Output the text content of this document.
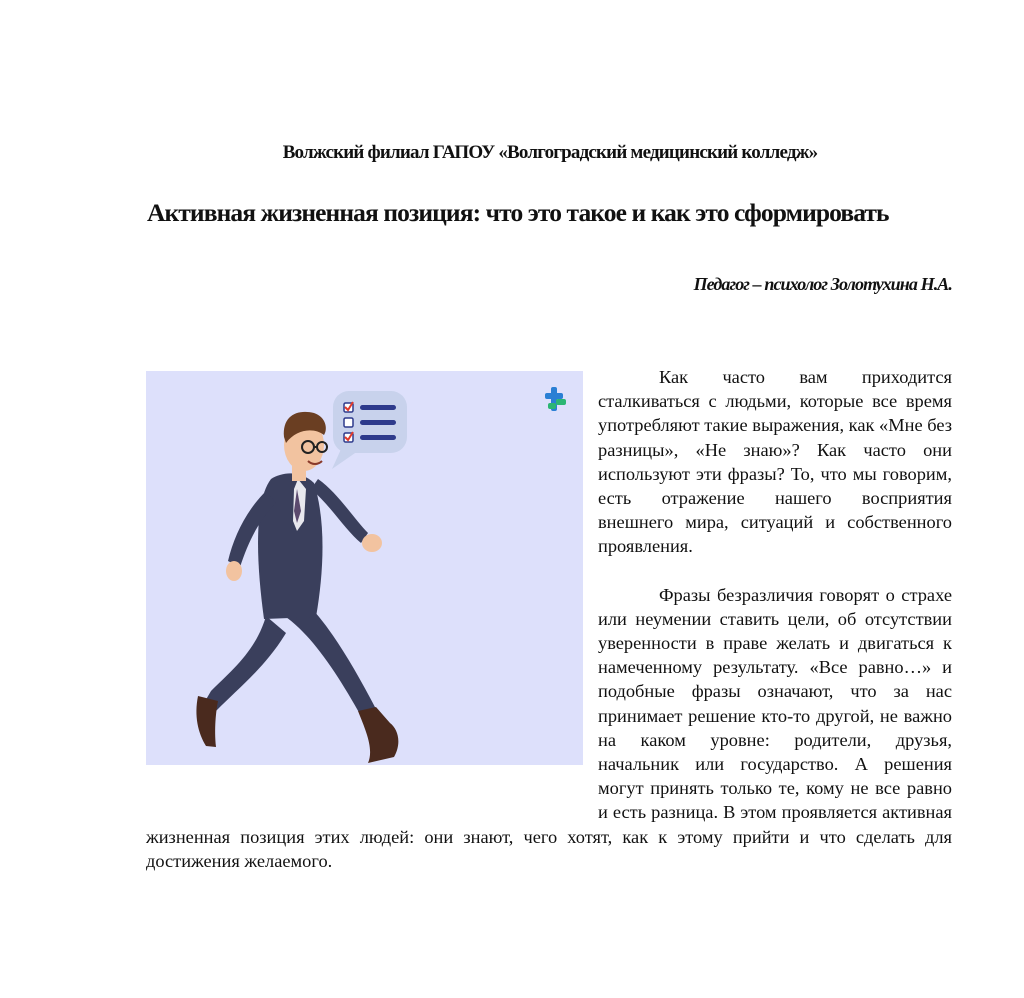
Волжский филиал ГАПОУ «Волгоградский медицинский колледж»
Активная жизненная позиция: что это такое и как это сформировать
Педагог – психолог Золотухина Н.А.

Как часто вам приходится сталкиваться с людьми, которые все время употребляют такие выражения, как «Мне без разницы», «Не знаю»? Как часто они используют эти фразы? То, что мы говорим, есть отражение нашего восприятия внешнего мира, ситуаций и собственного проявления.

Фразы безразличия говорят о страхе или неумении ставить цели, об отсутствии уверенности в праве желать и двигаться к намеченному результату. «Все равно…» и подобные фразы означают, что за нас принимает решение кто-то другой, не важно на каком уровне: родители, друзья, начальник или государство. А решения могут принять только те, кому не все равно и есть разница. В этом проявляется активная жизненная позиция этих людей: они знают, чего хотят, как к этому прийти и что сделать для достижения желаемого.
